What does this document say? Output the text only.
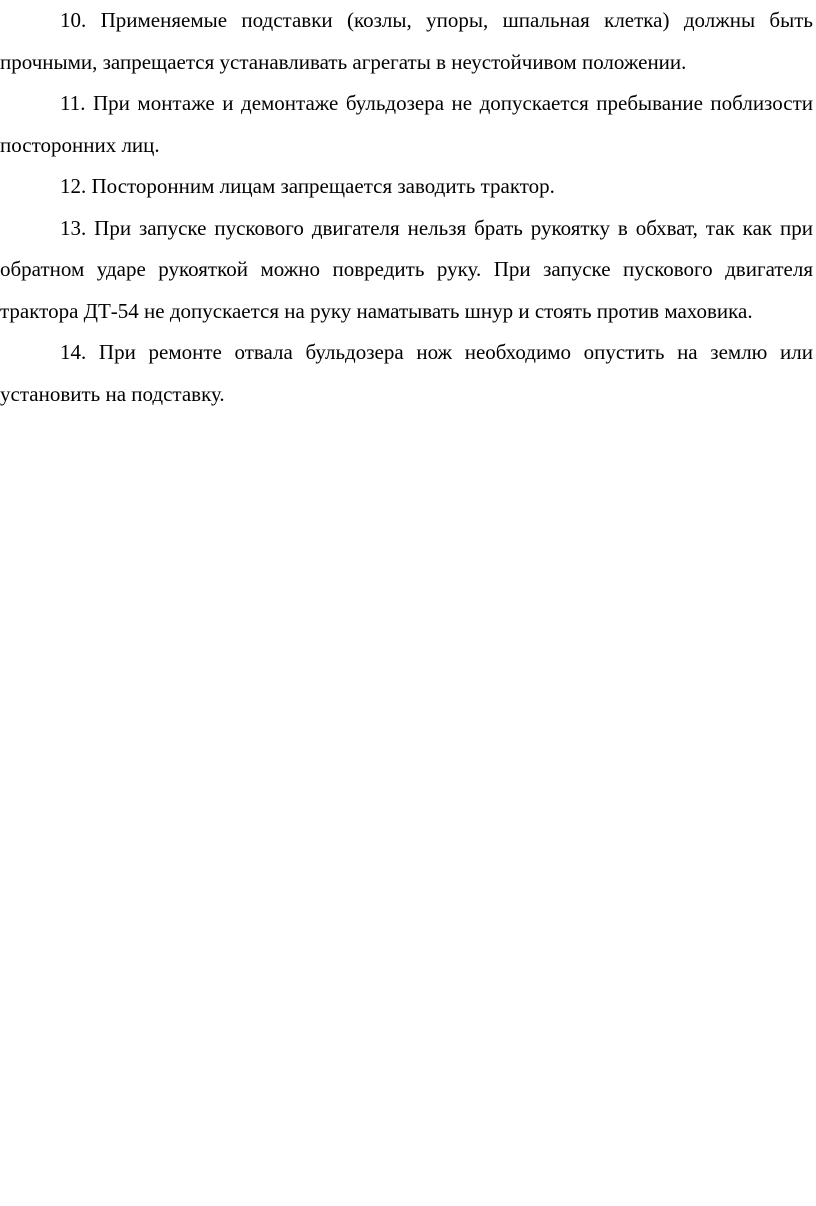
10. Применяемые подставки (козлы, упоры, шпальная клетка) должны быть прочными, запрещается устанавливать агрегаты в неустойчивом положении.

11. При монтаже и демонтаже бульдозера не допускается пребывание поблизости посторонних лиц.

12. Посторонним лицам запрещается заводить трактор.

13. При запуске пускового двигателя нельзя брать рукоятку в обхват, так как при обратном ударе рукояткой можно повредить руку. При запуске пускового двигателя трактора ДТ-54 не допускается на руку наматывать шнур и стоять против маховика.

14. При ремонте отвала бульдозера нож необходимо опустить на землю или установить на подставку.
